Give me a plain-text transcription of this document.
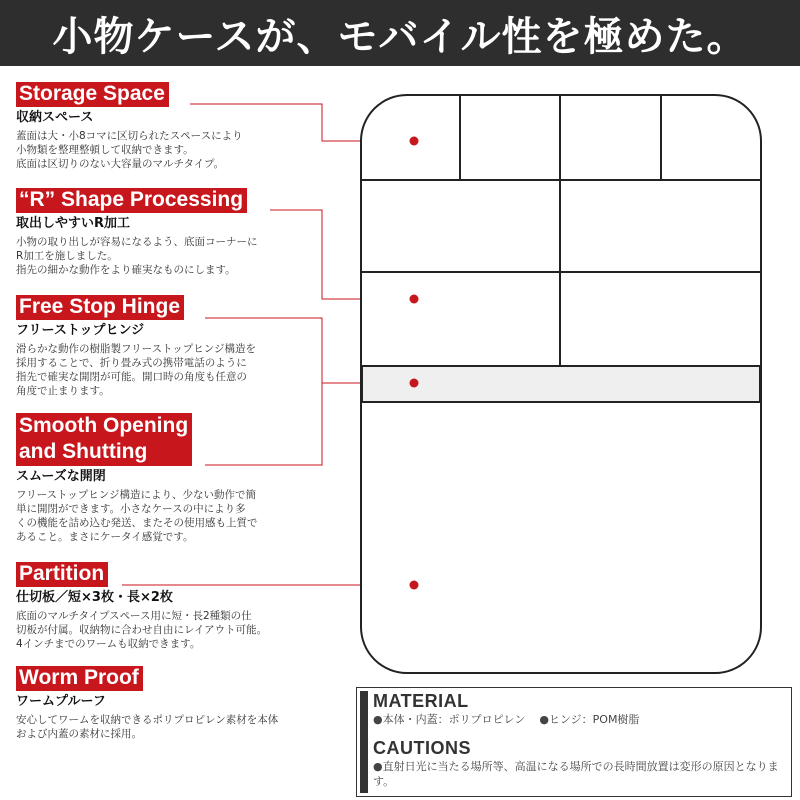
小物ケースが、モバイル性を極めた。
Storage Space
収納スペース
蓋面は大・小8コマに区切られたスペースにより
小物類を整理整頓して収納できます。
底面は区切りのない大容量のマルチタイプ。
“R” Shape Processing
取出しやすいR加工
小物の取り出しが容易になるよう、底面コーナーに
R加工を施しました。
指先の細かな動作をより確実なものにします。
Free Stop Hinge
フリーストップヒンジ
滑らかな動作の樹脂製フリーストップヒンジ構造を
採用することで、折り畳み式の携帯電話のように
指先で確実な開閉が可能。開口時の角度も任意の
角度で止まります。
Smooth Opening
and Shutting
スムーズな開閉
フリーストップヒンジ構造により、少ない動作で簡
単に開閉ができます。小さなケースの中により多
くの機能を詰め込む発送、またその使用感も上質で
あること。まさにケータイ感覚です。
Partition
仕切板／短×3枚・長×2枚
底面のマルチタイプスペース用に短・長2種類の仕
切板が付属。収納物に合わせ自由にレイアウト可能。
4インチまでのワームも収納できます。
Worm Proof
ワームプルーフ
安心してワームを収納できるポリプロピレン素材を本体
および内蓋の素材に採用。
MATERIAL
●本体・内蓋：ポリプロピレン ●ヒンジ：POM樹脂
CAUTIONS
●直射日光に当たる場所等、高温になる場所での長時間放置は変形の原因となります。
